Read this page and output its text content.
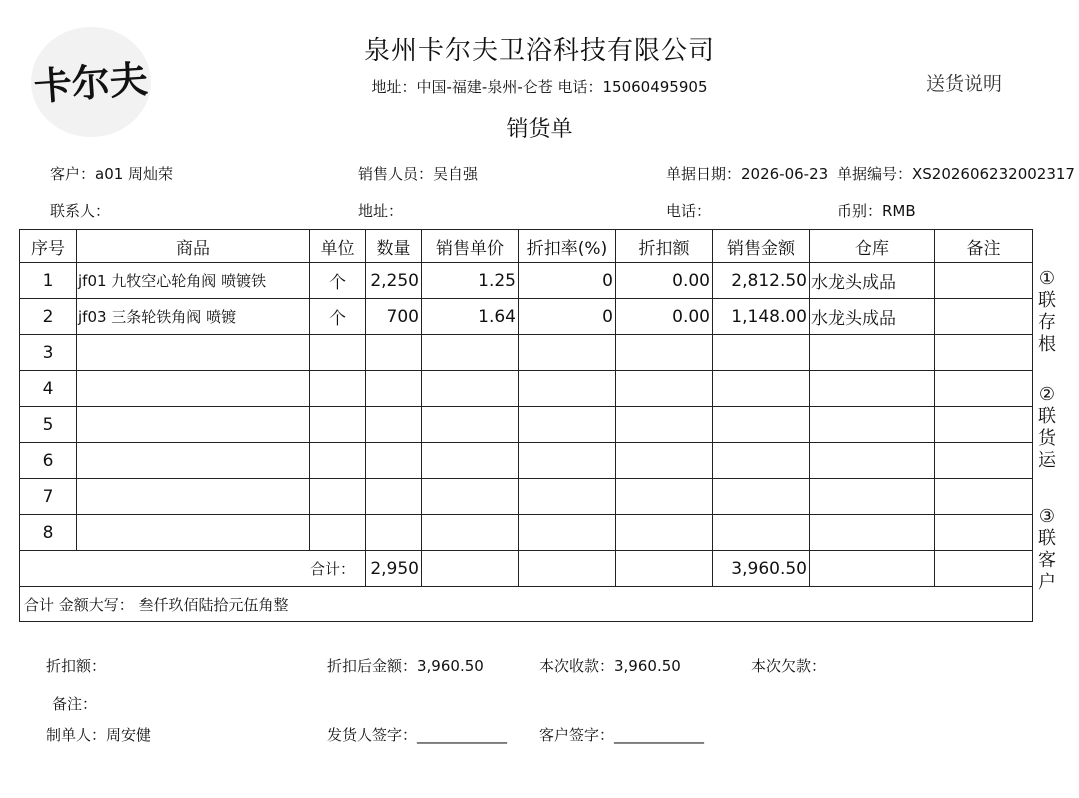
卡尔夫
泉州卡尔夫卫浴科技有限公司
地址：中国-福建-泉州-仑苍 电话：15060495905
销货单
送货说明
客户：a01 周灿荣	销售人员：吴自强	单据日期：2026-06-23 单据编号：XS202606232002317
联系人：	地址：	电话：	币别：RMB
序号	商品	单位	数量	销售单价	折扣率(%)	折扣额	销售金额	仓库	备注
1	jf01 九牧空心轮角阀 喷镀铁	个	2,250	1.25	0	0.00	2,812.50	水龙头成品	
2	jf03 三条轮铁角阀 喷镀	个	700	1.64	0	0.00	1,148.00	水龙头成品	
3									
4									
5									
6									
7									
8									
合计：			2,950				3,960.50		
合计 金额大写： 叁仟玖佰陆拾元伍角整									
①
联
存
根
②
联
货
运
③
联
客
户
折扣额：	折扣后金额：3,960.50	本次收款：3,960.50	本次欠款：
备注：
制单人：周安健	发货人签字：____________ 客户签字：____________
